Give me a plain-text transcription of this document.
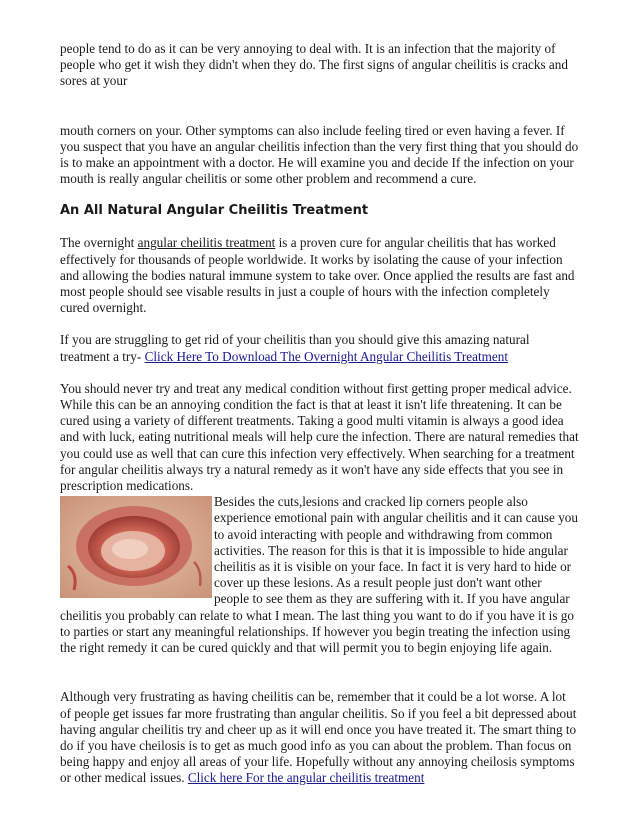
people tend to do as it can be very annoying to deal with. It is an infection that the majority of people who get it wish they didn't when they do. The first signs of angular cheilitis is cracks and sores at your

mouth corners on your. Other symptoms can also include feeling tired or even having a fever. If you suspect that you have an angular cheilitis infection than the very first thing that you should do is to make an appointment with a doctor. He will examine you and decide If the infection on your mouth is really angular cheilitis or some other problem and recommend a cure.

An All Natural Angular Cheilitis Treatment

The overnight angular cheilitis treatment is a proven cure for angular cheilitis that has worked effectively for thousands of people worldwide. It works by isolating the cause of your infection and allowing the bodies natural immune system to take over. Once applied the results are fast and most people should see visable results in just a couple of hours with the infection completely cured overnight.

If you are struggling to get rid of your cheilitis than you should give this amazing natural treatment a try- Click Here To Download The Overnight Angular Cheilitis Treatment

You should never try and treat any medical condition without first getting proper medical advice. While this can be an annoying condition the fact is that at least it isn't life threatening. It can be cured using a variety of different treatments. Taking a good multi vitamin is always a good idea and with luck, eating nutritional meals will help cure the infection. There are natural remedies that you could use as well that can cure this infection very effectively. When searching for a treatment for angular cheilitis always try a natural remedy as it won't have any side effects that you see in prescription medications.

Besides the cuts,lesions and cracked lip corners people also experience emotional pain with angular cheilitis and it can cause you to avoid interacting with people and withdrawing from common activities. The reason for this is that it is impossible to hide angular cheilitis as it is visible on your face. In fact it is very hard to hide or cover up these lesions. As a result people just don't want other people to see them as they are suffering with it. If you have angular cheilitis you probably can relate to what I mean. The last thing you want to do if you have it is go to parties or start any meaningful relationships. If however you begin treating the infection using the right remedy it can be cured quickly and that will permit you to begin enjoying life again.

Although very frustrating as having cheilitis can be, remember that it could be a lot worse. A lot of people get issues far more frustrating than angular cheilitis. So if you feel a bit depressed about having angular cheilitis try and cheer up as it will end once you have treated it. The smart thing to do if you have cheilosis is to get as much good info as you can about the problem. Than focus on being happy and enjoy all areas of your life. Hopefully without any annoying cheilosis symptoms or other medical issues. Click here For the angular cheilitis treatment
